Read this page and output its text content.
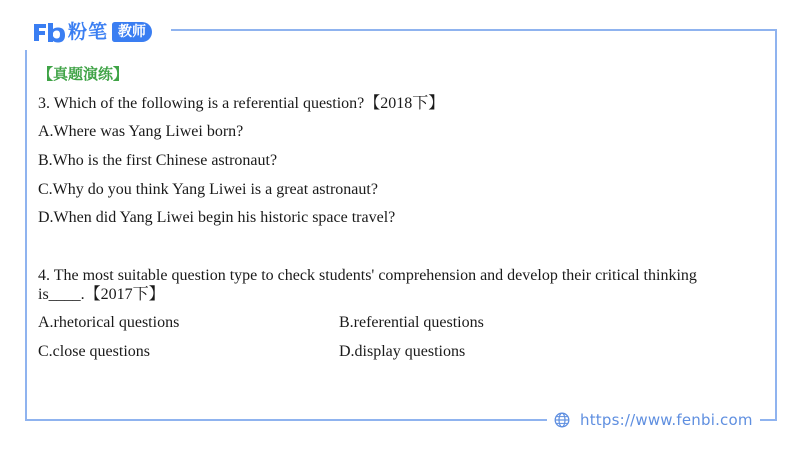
粉笔 教师
【真题演练】
3. Which of the following is a referential question?【2018下】
A.Where was Yang Liwei born?
B.Who is the first Chinese astronaut?
C.Why do you think Yang Liwei is a great astronaut?
D.When did Yang Liwei begin his historic space travel?
4. The most suitable question type to check students' comprehension and develop their critical thinking
is____.【2017下】
A.rhetorical questions	B.referential questions
C.close questions	D.display questions
https://www.fenbi.com
